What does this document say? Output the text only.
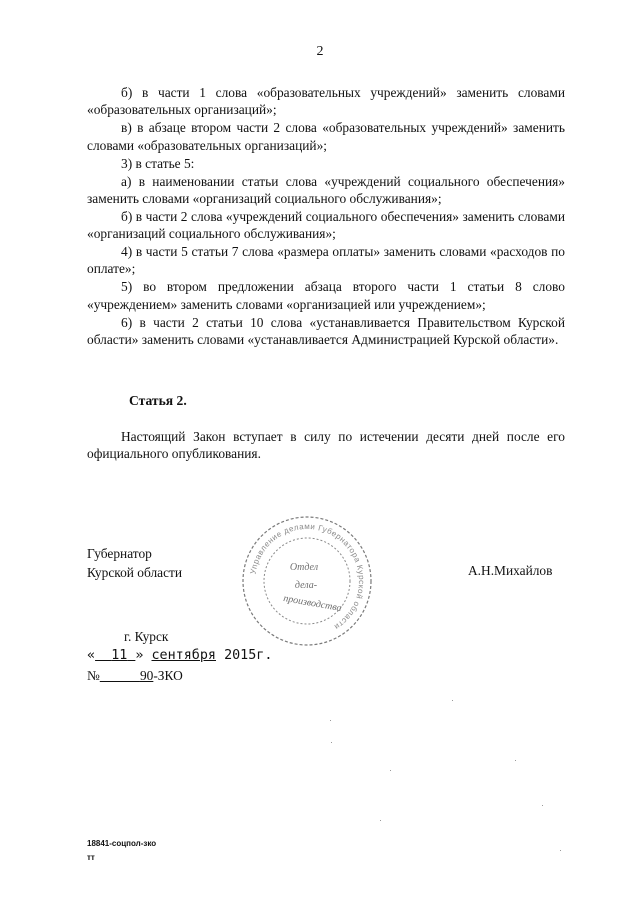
2

б) в части 1 слова «образовательных учреждений» заменить словами «образовательных организаций»;

в) в абзаце втором части 2 слова «образовательных учреждений» заменить словами «образовательных организаций»;

3) в статье 5:

а) в наименовании статьи слова «учреждений социального обеспечения» заменить словами «организаций социального обслуживания»;

б) в части 2 слова «учреждений социального обеспечения» заменить словами «организаций социального обслуживания»;

4) в части 5 статьи 7 слова «размера оплаты» заменить словами «расходов по оплате»;

5) во втором предложении абзаца второго части 1 статьи 8 слово «учреждением» заменить словами «организацией или учреждением»;

6) в части 2 статьи 10 слова «устанавливается Правительством Курской области» заменить словами «устанавливается Администрацией Курской области».

Статья 2.
Настоящий Закон вступает в силу по истечении десяти дней после его официального опубликования.
Губернатор
Курской области	А.Н.Михайлов
Управление делами Губернатора Курской области
Отдел
дела-
производства
г. Курск
« 11 » сентября 2015г.
№	90-ЗКО
18841-соцпол-зко
тт
